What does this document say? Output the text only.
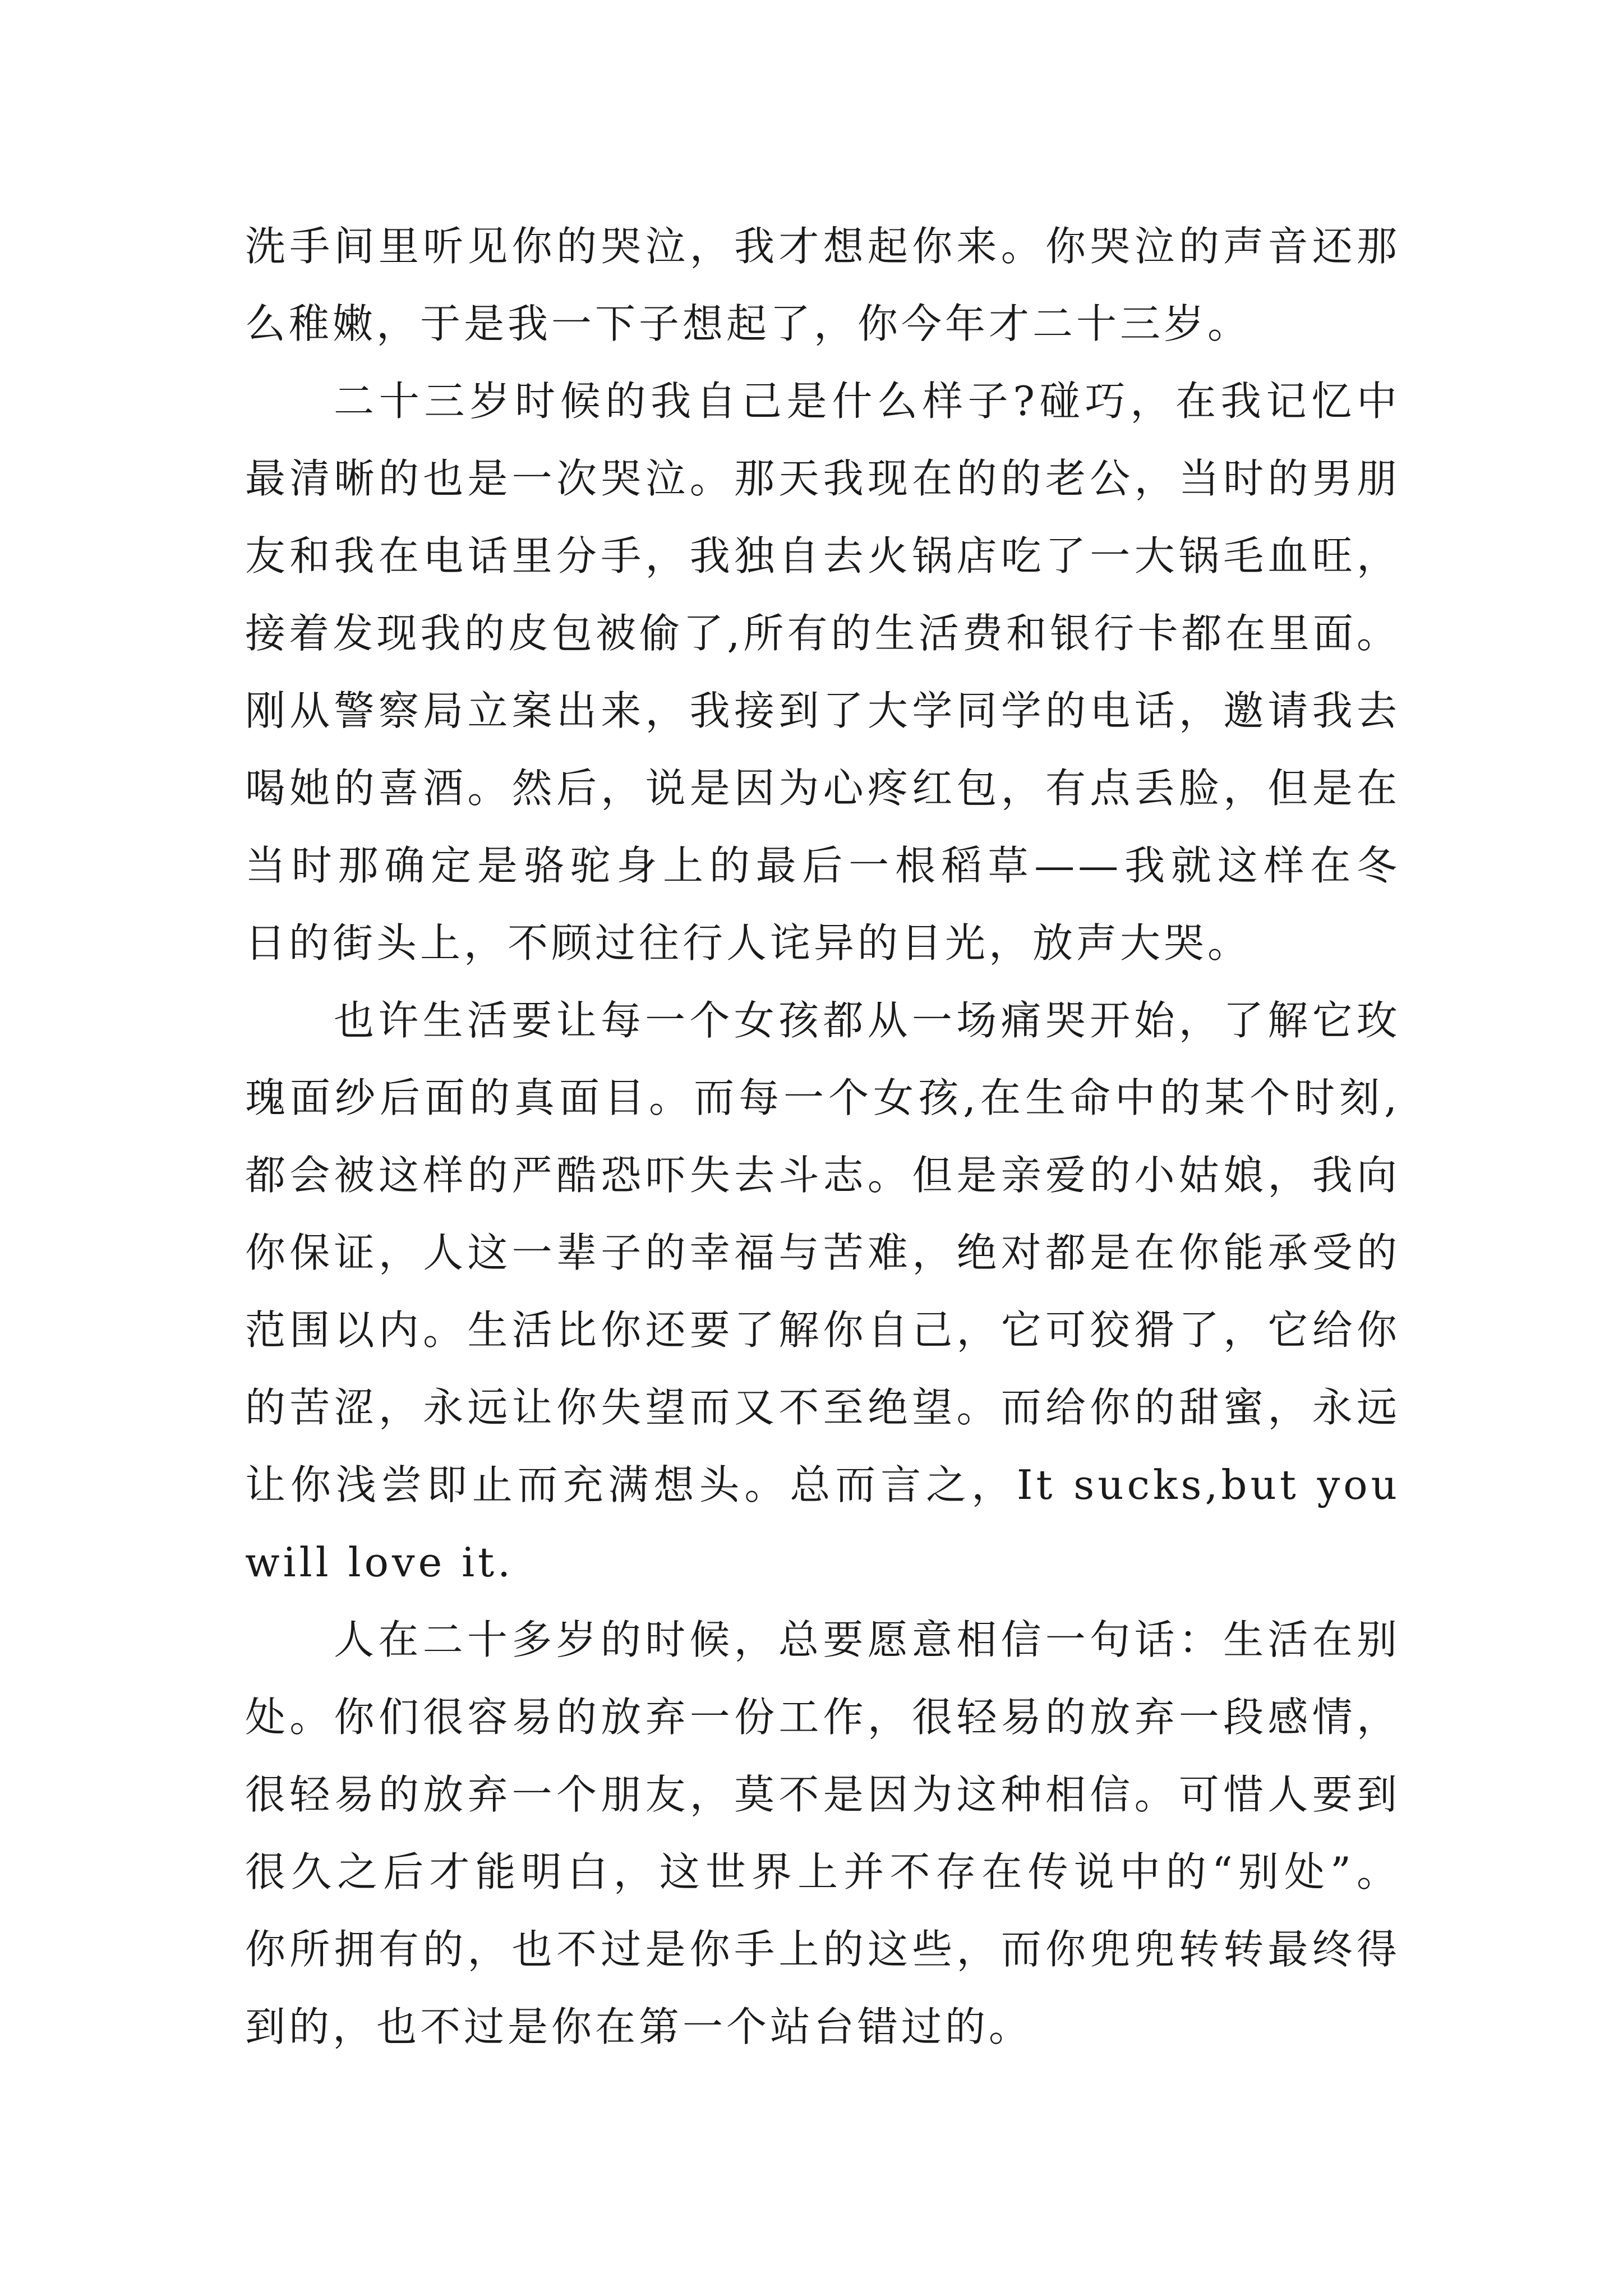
洗手间里听见你的哭泣，我才想起你来。你哭泣的声音还那
么稚嫩，于是我一下子想起了，你今年才二十三岁。
二十三岁时候的我自己是什么样子?碰巧，在我记忆中
最清晰的也是一次哭泣。那天我现在的的老公，当时的男朋
友和我在电话里分手，我独自去火锅店吃了一大锅毛血旺，
接着发现我的皮包被偷了,所有的生活费和银行卡都在里面。
刚从警察局立案出来，我接到了大学同学的电话，邀请我去
喝她的喜酒。然后，说是因为心疼红包，有点丢脸，但是在
当时那确定是骆驼身上的最后一根稻草——我就这样在冬
日的街头上，不顾过往行人诧异的目光，放声大哭。
也许生活要让每一个女孩都从一场痛哭开始，了解它玫
瑰面纱后面的真面目。而每一个女孩,在生命中的某个时刻,
都会被这样的严酷恐吓失去斗志。但是亲爱的小姑娘，我向
你保证，人这一辈子的幸福与苦难，绝对都是在你能承受的
范围以内。生活比你还要了解你自己，它可狡猾了，它给你
的苦涩，永远让你失望而又不至绝望。而给你的甜蜜，永远
让你浅尝即止而充满想头。总而言之，It sucks,but you
will love it.
人在二十多岁的时候，总要愿意相信一句话：生活在别
处。你们很容易的放弃一份工作，很轻易的放弃一段感情，
很轻易的放弃一个朋友，莫不是因为这种相信。可惜人要到
很久之后才能明白，这世界上并不存在传说中的“别处”。
你所拥有的，也不过是你手上的这些，而你兜兜转转最终得
到的，也不过是你在第一个站台错过的。
